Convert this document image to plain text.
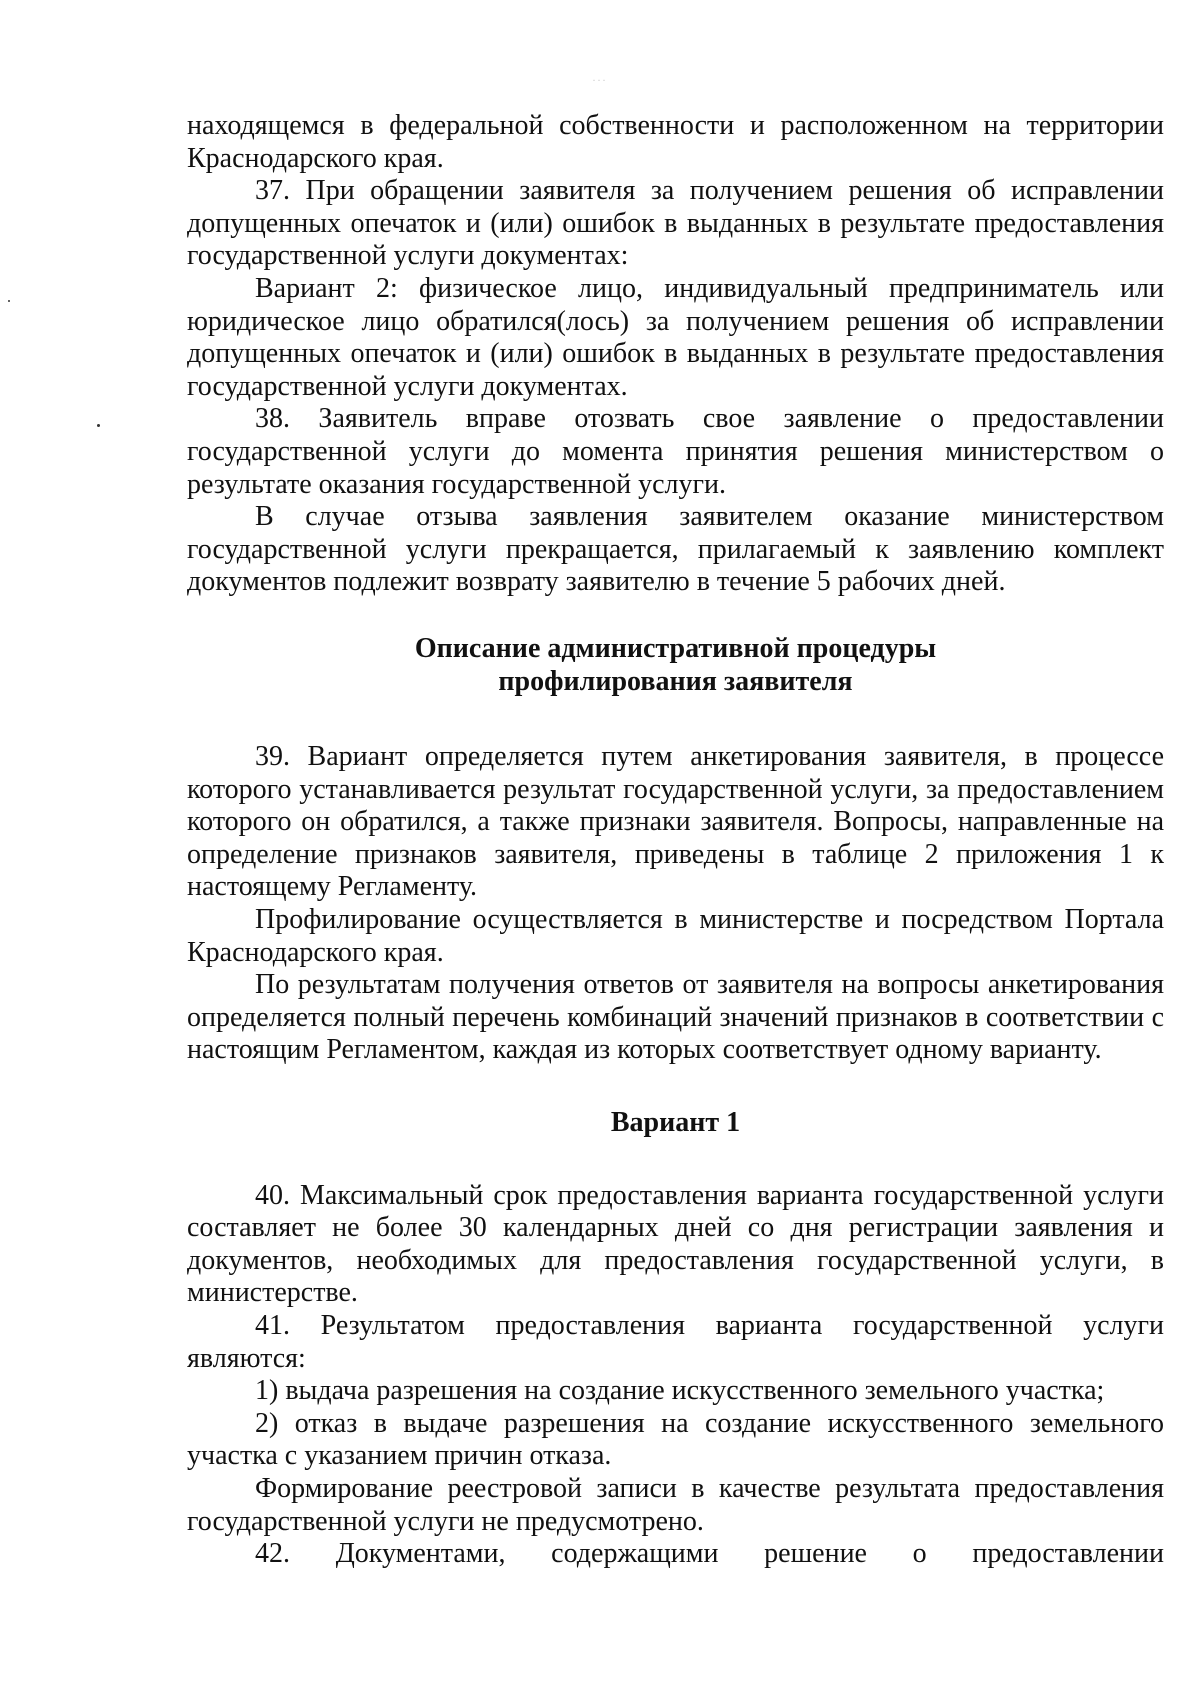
...

находящемся в федеральной собственности и расположенном на территории Краснодарского края.

37. При обращении заявителя за получением решения об исправлении допущенных опечаток и (или) ошибок в выданных в результате предоставления государственной услуги документах:

Вариант 2: физическое лицо, индивидуальный предприниматель или юридическое лицо обратился(лось) за получением решения об исправлении допущенных опечаток и (или) ошибок в выданных в результате предоставления государственной услуги документах.

38. Заявитель вправе отозвать свое заявление о предоставлении государственной услуги до момента принятия решения министерством о результате оказания государственной услуги.

В случае отзыва заявления заявителем оказание министерством государственной услуги прекращается, прилагаемый к заявлению комплект документов подлежит возврату заявителю в течение 5 рабочих дней.

Описание административной процедуры

профилирования заявителя

39. Вариант определяется путем анкетирования заявителя, в процессе которого устанавливается результат государственной услуги, за предоставлением которого он обратился, а также признаки заявителя. Вопросы, направленные на определение признаков заявителя, приведены в таблице 2 приложения 1 к настоящему Регламенту.

Профилирование осуществляется в министерстве и посредством Портала Краснодарского края.

По результатам получения ответов от заявителя на вопросы анкетирования определяется полный перечень комбинаций значений признаков в соответствии с настоящим Регламентом, каждая из которых соответствует одному варианту.

Вариант 1

40. Максимальный срок предоставления варианта государственной услуги составляет не более 30 календарных дней со дня регистрации заявления и документов, необходимых для предоставления государственной услуги, в министерстве.

41. Результатом предоставления варианта государственной услуги являются:

1) выдача разрешения на создание искусственного земельного участка;

2) отказ в выдаче разрешения на создание искусственного земельного участка с указанием причин отказа.

Формирование реестровой записи в качестве результата предоставления государственной услуги не предусмотрено.

42. Документами, содержащими решение о предоставлении
